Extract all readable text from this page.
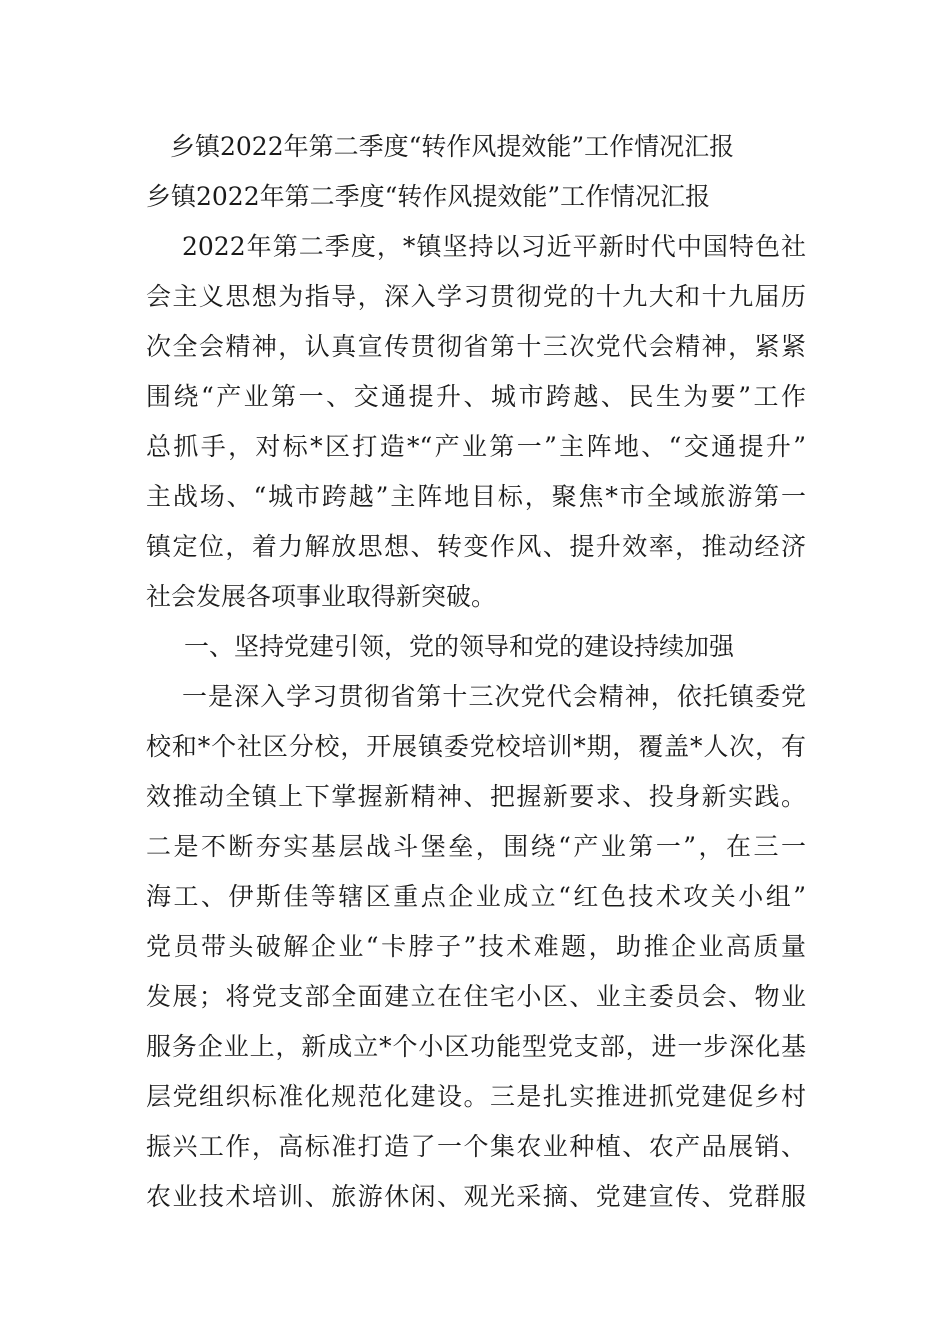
乡镇2022年第二季度“转作风提效能”工作情况汇报
乡镇2022年第二季度“转作风提效能”工作情况汇报
2022年第二季度，*镇坚持以习近平新时代中国特色社
会主义思想为指导，深入学习贯彻党的十九大和十九届历
次全会精神，认真宣传贯彻省第十三次党代会精神，紧紧
围绕“产业第一、交通提升、城市跨越、民生为要”工作
总抓手，对标*区打造*“产业第一”主阵地、“交通提升”
主战场、“城市跨越”主阵地目标，聚焦*市全域旅游第一
镇定位，着力解放思想、转变作风、提升效率，推动经济
社会发展各项事业取得新突破。
一、坚持党建引领，党的领导和党的建设持续加强
一是深入学习贯彻省第十三次党代会精神，依托镇委党
校和*个社区分校，开展镇委党校培训*期，覆盖*人次，有
效推动全镇上下掌握新精神、把握新要求、投身新实践。
二是不断夯实基层战斗堡垒，围绕“产业第一”，在三一
海工、伊斯佳等辖区重点企业成立“红色技术攻关小组”
党员带头破解企业“卡脖子”技术难题，助推企业高质量
发展；将党支部全面建立在住宅小区、业主委员会、物业
服务企业上，新成立*个小区功能型党支部，进一步深化基
层党组织标准化规范化建设。三是扎实推进抓党建促乡村
振兴工作，高标准打造了一个集农业种植、农产品展销、
农业技术培训、旅游休闲、观光采摘、党建宣传、党群服
